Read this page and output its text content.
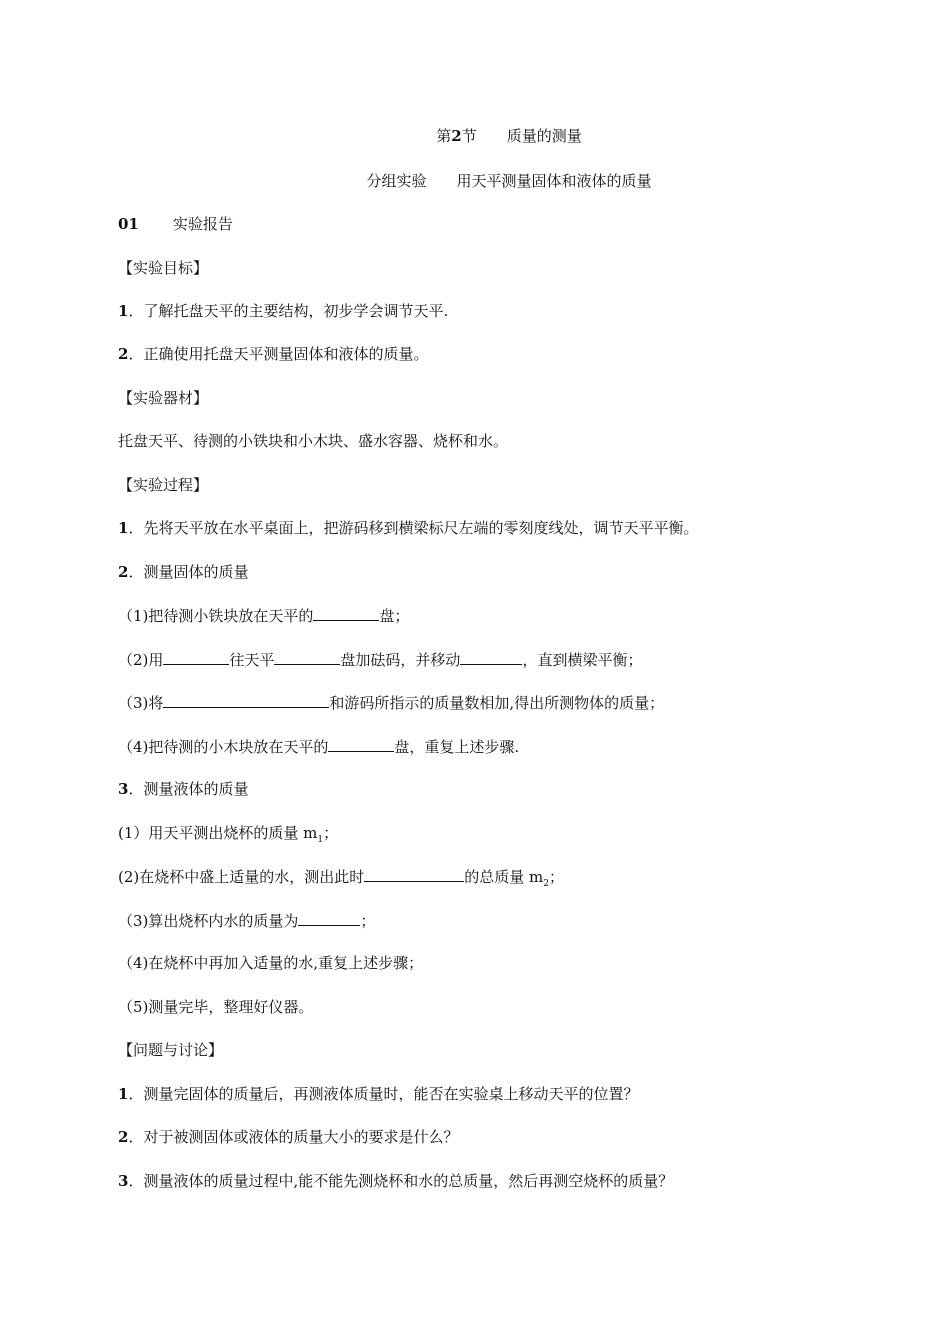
第2节 质量的测量
分组实验 用天平测量固体和液体的质量
01 实验报告
【实验目标】
1．了解托盘天平的主要结构，初步学会调节天平.
2．正确使用托盘天平测量固体和液体的质量。
【实验器材】
托盘天平、待测的小铁块和小木块、盛水容器、烧杯和水。
【实验过程】
1．先将天平放在水平桌面上，把游码移到横梁标尺左端的零刻度线处，调节天平平衡。
2．测量固体的质量
（1)把待测小铁块放在天平的	盘；
（2)用	往天平	盘加砝码，并移动	，直到横梁平衡；
（3)将	和游码所指示的质量数相加,得出所测物体的质量；
（4)把待测的小木块放在天平的	盘，重复上述步骤.
3．测量液体的质量
(1）用天平测出烧杯的质量 $m_1$；
(2)在烧杯中盛上适量的水，测出此时	的总质量 $m_2$；
（3)算出烧杯内水的质量为	；
（4)在烧杯中再加入适量的水,重复上述步骤；
（5)测量完毕，整理好仪器。
【问题与讨论】
1．测量完固体的质量后，再测液体质量时，能否在实验桌上移动天平的位置？
2．对于被测固体或液体的质量大小的要求是什么？
3．测量液体的质量过程中,能不能先测烧杯和水的总质量，然后再测空烧杯的质量？
